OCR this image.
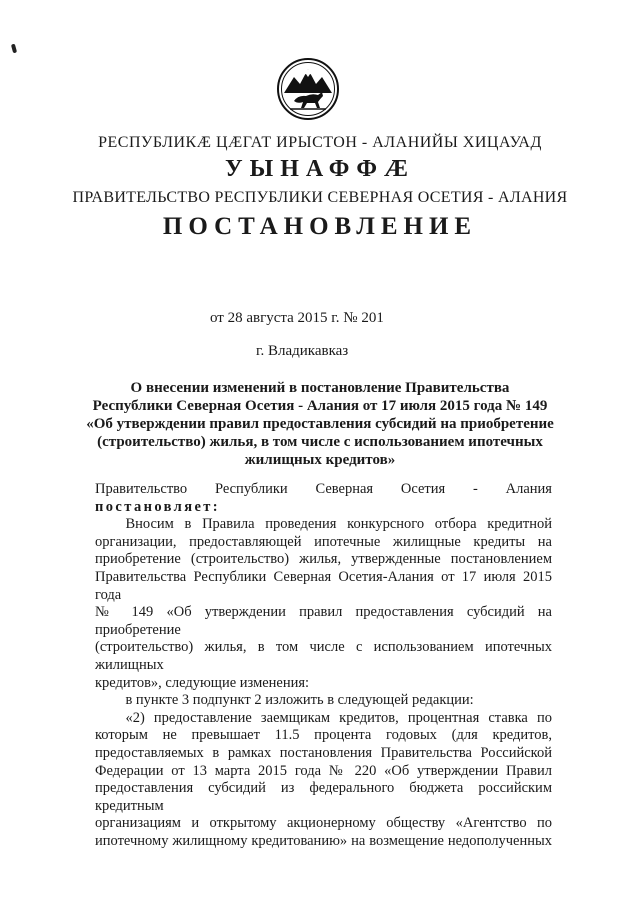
РЕСПУБЛИКӔ ЦӔГАТ ИРЫСТОН - АЛАНИЙЫ ХИЦАУАД
УЫНАФФӔ
ПРАВИТЕЛЬСТВО РЕСПУБЛИКИ СЕВЕРНАЯ ОСЕТИЯ - АЛАНИЯ
ПОСТАНОВЛЕНИЕ
от 28 августа 2015 г. № 201
г. Владикавказ
О внесении изменений в постановление Правительства
Республики Северная Осетия - Алания от 17 июля 2015 года № 149
«Об утверждении правил предоставления субсидий на приобретение
(строительство) жилья, в том числе с использованием ипотечных
жилищных кредитов»

Правительство Республики Северная Осетия - Алания

постановляет:

Вносим в Правила проведения конкурсного отбора кредитной

организации, предоставляющей ипотечные жилищные кредиты на

приобретение (строительство) жилья, утвержденные постановлением

Правительства Республики Северная Осетия-Алания от 17 июля 2015 года

№ 149 «Об утверждении правил предоставления субсидий на приобретение

(строительство) жилья, в том числе с использованием ипотечных жилищных

кредитов», следующие изменения:

в пункте 3 подпункт 2 изложить в следующей редакции:

«2) предоставление заемщикам кредитов, процентная ставка по

которым не превышает 11.5 процента годовых (для кредитов,

предоставляемых в рамках постановления Правительства Российской

Федерации от 13 марта 2015 года № 220 «Об утверждении Правил

предоставления субсидий из федерального бюджета российским кредитным

организациям и открытому акционерному обществу «Агентство по

ипотечному жилищному кредитованию» на возмещение недополученных
